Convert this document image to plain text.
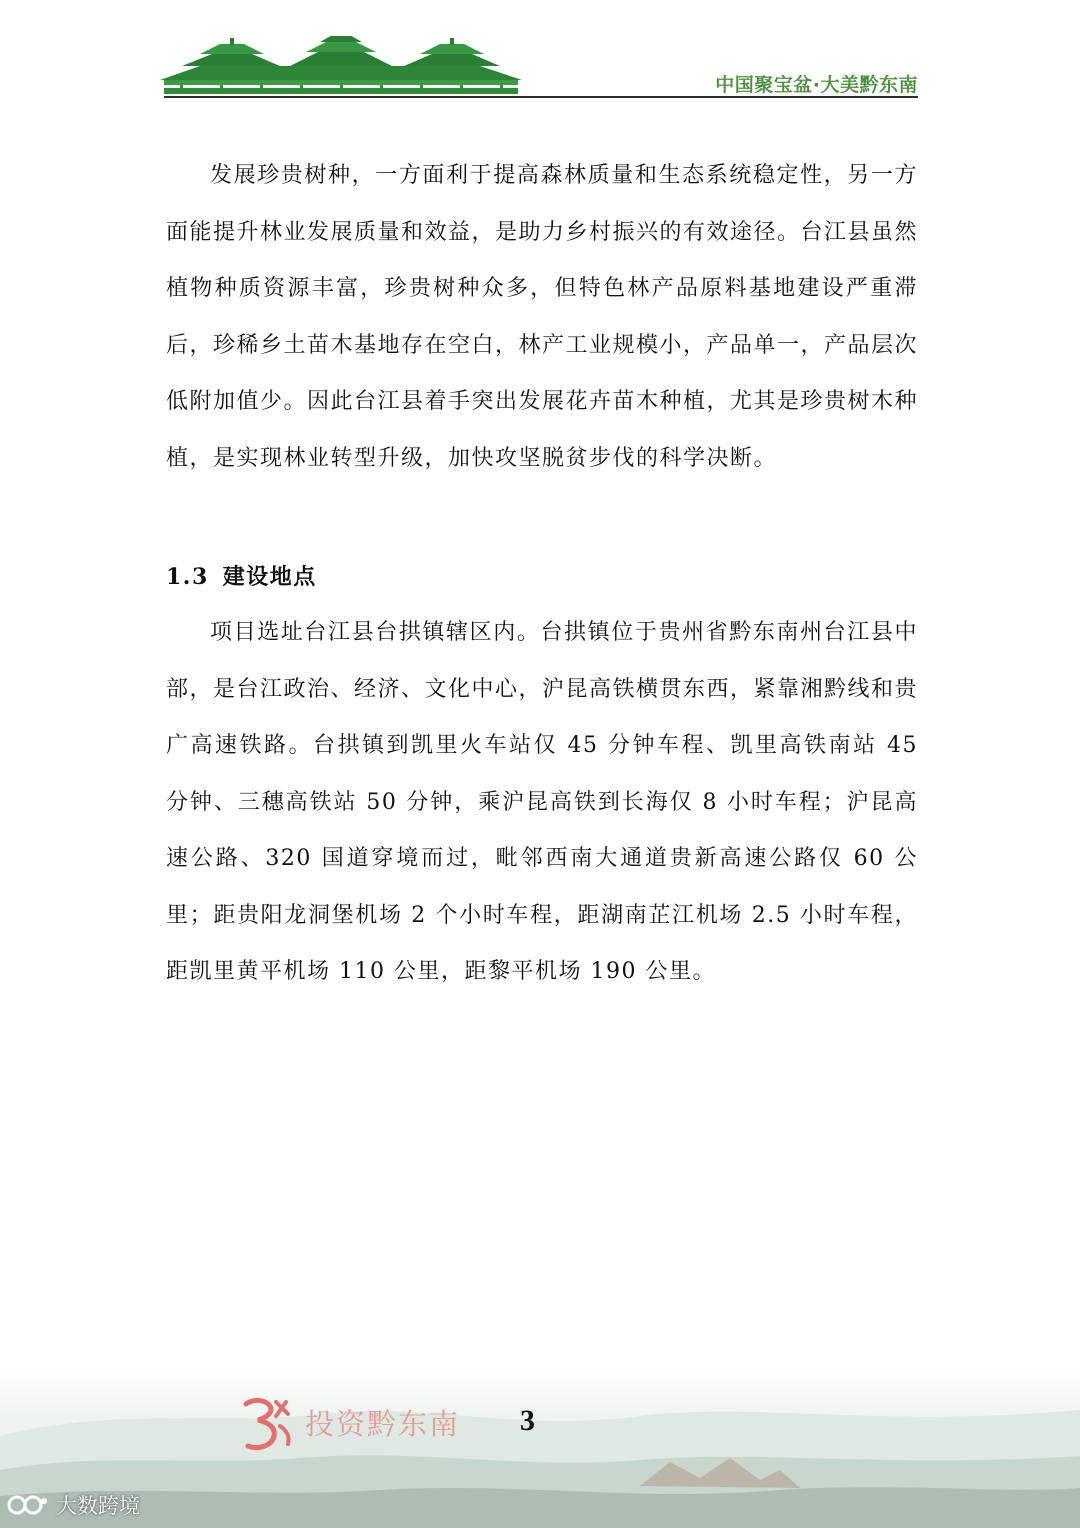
中国聚宝盆·大美黔东南

发展珍贵树种，一方面利于提高森林质量和生态系统稳定性，另一方面能提升林业发展质量和效益，是助力乡村振兴的有效途径。台江县虽然植物种质资源丰富，珍贵树种众多，但特色林产品原料基地建设严重滞后，珍稀乡土苗木基地存在空白，林产工业规模小，产品单一，产品层次低附加值少。因此台江县着手突出发展花卉苗木种植，尤其是珍贵树木种植，是实现林业转型升级，加快攻坚脱贫步伐的科学决断。

1.3 建设地点

项目选址台江县台拱镇辖区内。台拱镇位于贵州省黔东南州台江县中部，是台江政治、经济、文化中心，沪昆高铁横贯东西，紧靠湘黔线和贵广高速铁路。台拱镇到凯里火车站仅 45 分钟车程、凯里高铁南站 45 分钟、三穗高铁站 50 分钟，乘沪昆高铁到长海仅 8 小时车程；沪昆高速公路、320 国道穿境而过，毗邻西南大通道贵新高速公路仅 60 公里；距贵阳龙洞堡机场 2 个小时车程，距湖南芷江机场 2.5 小时车程，距凯里黄平机场 110 公里，距黎平机场 190 公里。

投资黔东南 3
大数跨境
